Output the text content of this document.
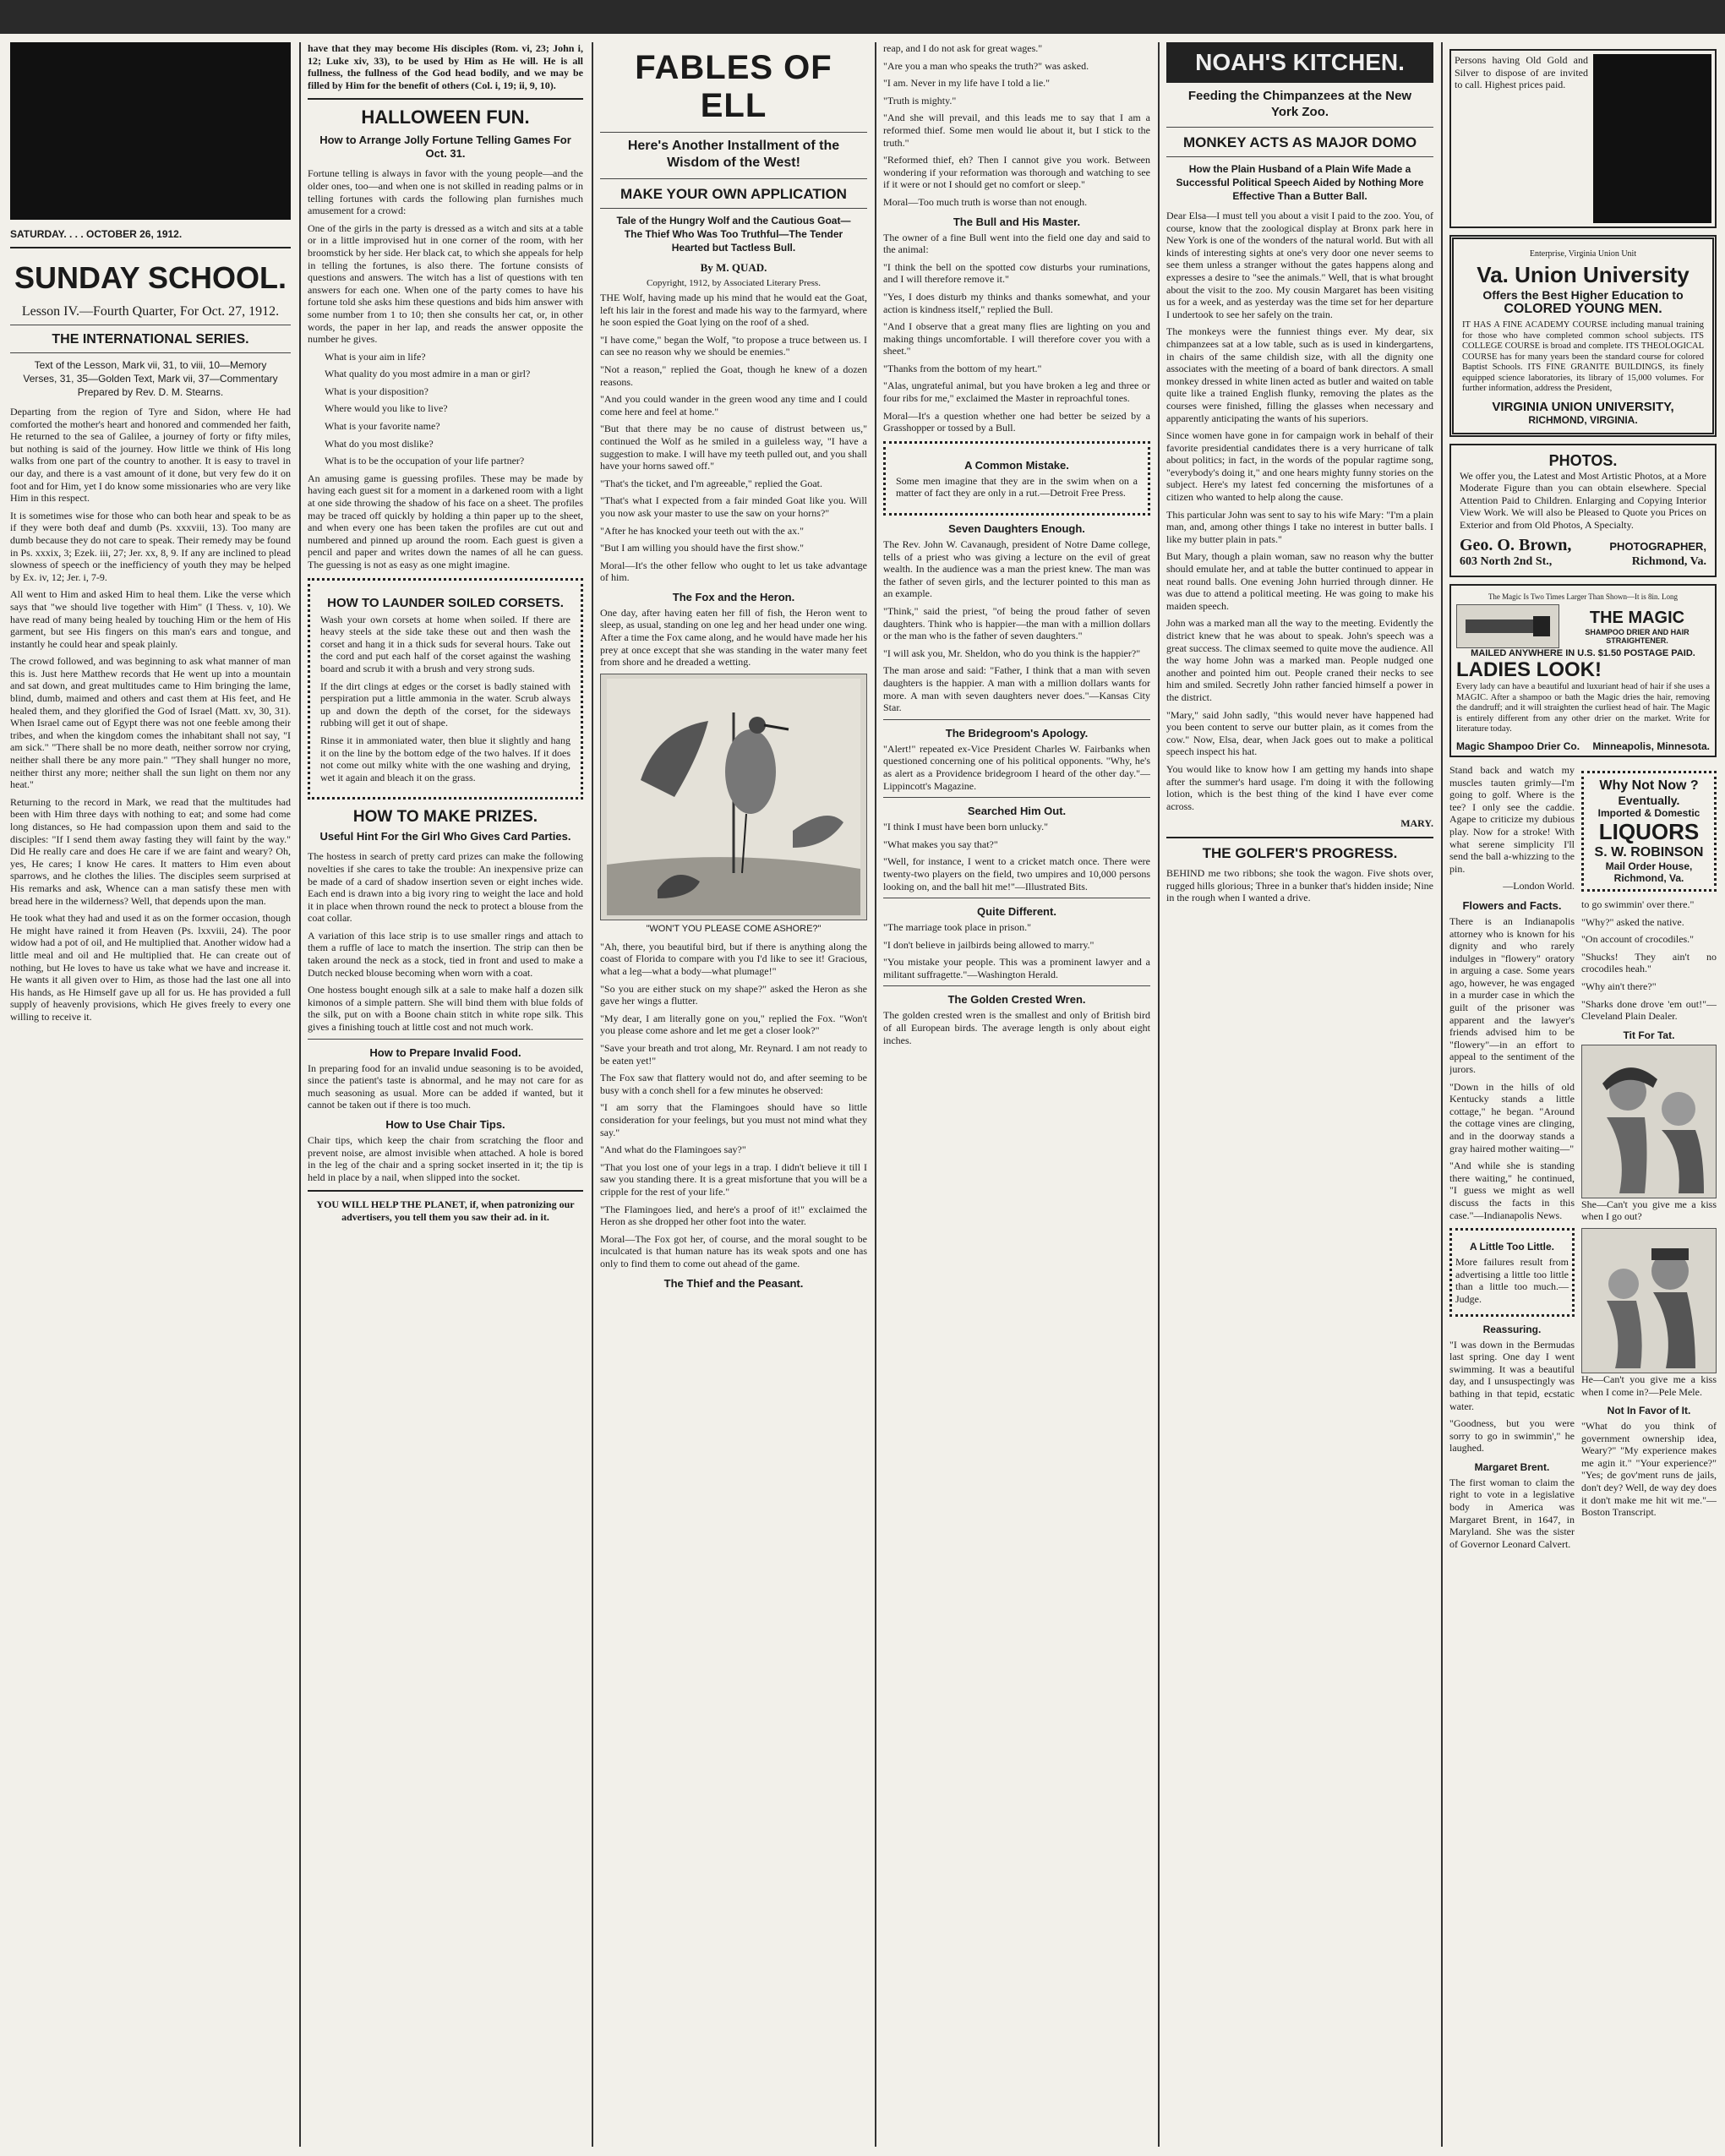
SATURDAY. . . . OCTOBER 26, 1912.
SUNDAY SCHOOL.
Lesson IV.—Fourth Quarter, For Oct. 27, 1912.
THE INTERNATIONAL SERIES.
Text of the Lesson, Mark vii, 31, to viii, 10—Memory Verses, 31, 35—Golden Text, Mark vii, 37—Commentary Prepared by Rev. D. M. Stearns.

Departing from the region of Tyre and Sidon, where He had comforted the mother's heart and honored and commended her faith, He returned to the sea of Galilee, a journey of forty or fifty miles, but nothing is said of the journey. How little we think of His long walks from one part of the country to another. It is easy to travel in our day, and there is a vast amount of it done, but very few do it on foot and for Him, yet I do know some missionaries who are very like Him in this respect.

It is sometimes wise for those who can both hear and speak to be as if they were both deaf and dumb (Ps. xxxviii, 13). Too many are dumb because they do not care to speak. Their remedy may be found in Ps. xxxix, 3; Ezek. iii, 27; Jer. xx, 8, 9. If any are inclined to plead slowness of speech or the inefficiency of youth they may be helped by Ex. iv, 12; Jer. i, 7-9.

All went to Him and asked Him to heal them. Like the verse which says that "we should live together with Him" (I Thess. v, 10). We have read of many being healed by touching Him or the hem of His garment, but see His fingers on this man's ears and tongue, and instantly he could hear and speak plainly.

The crowd followed, and was beginning to ask what manner of man this is. Just here Matthew records that He went up into a mountain and sat down, and great multitudes came to Him bringing the lame, blind, dumb, maimed and others and cast them at His feet, and He healed them, and they glorified the God of Israel (Matt. xv, 30, 31). When Israel came out of Egypt there was not one feeble among their tribes, and when the kingdom comes the inhabitant shall not say, "I am sick." "There shall be no more death, neither sorrow nor crying, neither shall there be any more pain." "They shall hunger no more, neither thirst any more; neither shall the sun light on them nor any heat."

Returning to the record in Mark, we read that the multitudes had been with Him three days with nothing to eat; and some had come long distances, so He had compassion upon them and said to the disciples: "If I send them away fasting they will faint by the way." Did He really care and does He care if we are faint and weary? Oh, yes, He cares; I know He cares. It matters to Him even about sparrows, and he clothes the lilies. The disciples seem surprised at His remarks and ask, Whence can a man satisfy these men with bread here in the wilderness? Well, that depends upon the man.

He took what they had and used it as on the former occasion, though He might have rained it from Heaven (Ps. lxxviii, 24). The poor widow had a pot of oil, and He multiplied that. Another widow had a little meal and oil and He multiplied that. He can create out of nothing, but He loves to have us take what we have and increase it. He wants it all given over to Him, as those had the last one all into His hands, as He Himself gave up all for us. He has provided a full supply of heavenly provisions, which He gives freely to every one willing to receive it.

have that they may become His disciples (Rom. vi, 23; John i, 12; Luke xiv, 33), to be used by Him as He will. He is all fullness, the fullness of the God head bodily, and we may be filled by Him for the benefit of others (Col. i, 19; ii, 9, 10).

HALLOWEEN FUN.
How to Arrange Jolly Fortune Telling Games For Oct. 31.

Fortune telling is always in favor with the young people—and the older ones, too—and when one is not skilled in reading palms or in telling fortunes with cards the following plan furnishes much amusement for a crowd:

One of the girls in the party is dressed as a witch and sits at a table or in a little improvised hut in one corner of the room, with her broomstick by her side. Her black cat, to which she appeals for help in telling the fortunes, is also there. The fortune consists of questions and answers. The witch has a list of questions with ten answers for each one. When one of the party comes to have his fortune told she asks him these questions and bids him answer with some number from 1 to 10; then she consults her cat, or, in other words, the paper in her lap, and reads the answer opposite the number he gives.

What is your aim in life?

What quality do you most admire in a man or girl?

What is your disposition?

Where would you like to live?

What is your favorite name?

What do you most dislike?

What is to be the occupation of your life partner?

An amusing game is guessing profiles. These may be made by having each guest sit for a moment in a darkened room with a light at one side throwing the shadow of his face on a sheet. The profiles may be traced off quickly by holding a thin paper up to the sheet, and when every one has been taken the profiles are cut out and numbered and pinned up around the room. Each guest is given a pencil and paper and writes down the names of all he can guess. The guessing is not as easy as one might imagine.

HOW TO LAUNDER SOILED CORSETS.

Wash your own corsets at home when soiled. If there are heavy steels at the side take these out and then wash the corset and hang it in a thick suds for several hours. Take out the cord and put each half of the corset against the washing board and scrub it with a brush and very strong suds.

If the dirt clings at edges or the corset is badly stained with perspiration put a little ammonia in the water. Scrub always up and down the depth of the corset, for the sideways rubbing will get it out of shape.

Rinse it in ammoniated water, then blue it slightly and hang it on the line by the bottom edge of the two halves. If it does not come out milky white with the one washing and drying, wet it again and bleach it on the grass.

HOW TO MAKE PRIZES.
Useful Hint For the Girl Who Gives Card Parties.

The hostess in search of pretty card prizes can make the following novelties if she cares to take the trouble: An inexpensive prize can be made of a card of shadow insertion seven or eight inches wide. Each end is drawn into a big ivory ring to weight the lace and hold it in place when thrown round the neck to protect a blouse from the coat collar.

A variation of this lace strip is to use smaller rings and attach to them a ruffle of lace to match the insertion. The strip can then be taken around the neck as a stock, tied in front and used to make a Dutch necked blouse becoming when worn with a coat.

One hostess bought enough silk at a sale to make half a dozen silk kimonos of a simple pattern. She will bind them with blue folds of the silk, put on with a Boone chain stitch in white rope silk. This gives a finishing touch at little cost and not much work.

How to Prepare Invalid Food.

In preparing food for an invalid undue seasoning is to be avoided, since the patient's taste is abnormal, and he may not care for as much seasoning as usual. More can be added if wanted, but it cannot be taken out if there is too much.

How to Use Chair Tips.

Chair tips, which keep the chair from scratching the floor and prevent noise, are almost invisible when attached. A hole is bored in the leg of the chair and a spring socket inserted in it; the tip is held in place by a nail, when slipped into the socket.

YOU WILL HELP THE PLANET, if, when patronizing our advertisers, you tell them you saw their ad. in it.

FABLES OF ELL
Here's Another Installment of the Wisdom of the West!
MAKE YOUR OWN APPLICATION
Tale of the Hungry Wolf and the Cautious Goat—The Thief Who Was Too Truthful—The Tender Hearted but Tactless Bull.
By M. QUAD.
Copyright, 1912, by Associated Literary Press.

THE Wolf, having made up his mind that he would eat the Goat, left his lair in the forest and made his way to the farmyard, where he soon espied the Goat lying on the roof of a shed.

"I have come," began the Wolf, "to propose a truce between us. I can see no reason why we should be enemies."

"Not a reason," replied the Goat, though he knew of a dozen reasons.

"And you could wander in the green wood any time and I could come here and feel at home."

"But that there may be no cause of distrust between us," continued the Wolf as he smiled in a guileless way, "I have a suggestion to make. I will have my teeth pulled out, and you shall have your horns sawed off."

"That's the ticket, and I'm agreeable," replied the Goat.

"That's what I expected from a fair minded Goat like you. Will you now ask your master to use the saw on your horns?"

"After he has knocked your teeth out with the ax."

"But I am willing you should have the first show."

Moral—It's the other fellow who ought to let us take advantage of him.

The Fox and the Heron.

One day, after having eaten her fill of fish, the Heron went to sleep, as usual, standing on one leg and her head under one wing. After a time the Fox came along, and he would have made her his prey at once except that she was standing in the water many feet from shore and he dreaded a wetting.

"WON'T YOU PLEASE COME ASHORE?"

"Ah, there, you beautiful bird, but if there is anything along the coast of Florida to compare with you I'd like to see it! Gracious, what a leg—what a body—what plumage!"

"So you are either stuck on my shape?" asked the Heron as she gave her wings a flutter.

"My dear, I am literally gone on you," replied the Fox. "Won't you please come ashore and let me get a closer look?"

"Save your breath and trot along, Mr. Reynard. I am not ready to be eaten yet!"

The Fox saw that flattery would not do, and after seeming to be busy with a conch shell for a few minutes he observed:

"I am sorry that the Flamingoes should have so little consideration for your feelings, but you must not mind what they say."

"And what do the Flamingoes say?"

"That you lost one of your legs in a trap. I didn't believe it till I saw you standing there. It is a great misfortune that you will be a cripple for the rest of your life."

"The Flamingoes lied, and here's a proof of it!" exclaimed the Heron as she dropped her other foot into the water.

Moral—The Fox got her, of course, and the moral sought to be inculcated is that human nature has its weak spots and one has only to find them to come out ahead of the game.

The Thief and the Peasant.

reap, and I do not ask for great wages."

"Are you a man who speaks the truth?" was asked.

"I am. Never in my life have I told a lie."

"Truth is mighty."

"And she will prevail, and this leads me to say that I am a reformed thief. Some men would lie about it, but I stick to the truth."

"Reformed thief, eh? Then I cannot give you work. Between wondering if your reformation was thorough and watching to see if it were or not I should get no comfort or sleep."

Moral—Too much truth is worse than not enough.

The Bull and His Master.

The owner of a fine Bull went into the field one day and said to the animal:

"I think the bell on the spotted cow disturbs your ruminations, and I will therefore remove it."

"Yes, I does disturb my thinks and thanks somewhat, and your action is kindness itself," replied the Bull.

"And I observe that a great many flies are lighting on you and making things uncomfortable. I will therefore cover you with a sheet."

"Thanks from the bottom of my heart."

"Alas, ungrateful animal, but you have broken a leg and three or four ribs for me," exclaimed the Master in reproachful tones.

Moral—It's a question whether one had better be seized by a Grasshopper or tossed by a Bull.

A Common Mistake.

Some men imagine that they are in the swim when on a matter of fact they are only in a rut.—Detroit Free Press.

Seven Daughters Enough.

The Rev. John W. Cavanaugh, president of Notre Dame college, tells of a priest who was giving a lecture on the evil of great wealth. In the audience was a man the priest knew. The man was the father of seven girls, and the lecturer pointed to this man as an example.

"Think," said the priest, "of being the proud father of seven daughters. Think who is happier—the man with a million dollars or the man who is the father of seven daughters."

"I will ask you, Mr. Sheldon, who do you think is the happier?"

The man arose and said: "Father, I think that a man with seven daughters is the happier. A man with a million dollars wants for more. A man with seven daughters never does."—Kansas City Star.

The Bridegroom's Apology.

"Alert!" repeated ex-Vice President Charles W. Fairbanks when questioned concerning one of his political opponents. "Why, he's as alert as a Providence bridegroom I heard of the other day."—Lippincott's Magazine.

Searched Him Out.

"I think I must have been born unlucky."

"What makes you say that?"

"Well, for instance, I went to a cricket match once. There were twenty-two players on the field, two umpires and 10,000 persons looking on, and the ball hit me!"—Illustrated Bits.

Quite Different.

"The marriage took place in prison."

"I don't believe in jailbirds being allowed to marry."

"You mistake your people. This was a prominent lawyer and a militant suffragette."—Washington Herald.

The Golden Crested Wren.

The golden crested wren is the smallest and only of British bird of all European birds. The average length is only about eight inches.

NOAH'S KITCHEN.
Feeding the Chimpanzees at the New York Zoo.
MONKEY ACTS AS MAJOR DOMO
How the Plain Husband of a Plain Wife Made a Successful Political Speech Aided by Nothing More Effective Than a Butter Ball.

Dear Elsa—I must tell you about a visit I paid to the zoo. You, of course, know that the zoological display at Bronx park here in New York is one of the wonders of the natural world. But with all kinds of interesting sights at one's very door one never seems to see them unless a stranger without the gates happens along and expresses a desire to "see the animals." Well, that is what brought about the visit to the zoo. My cousin Margaret has been visiting us for a week, and as yesterday was the time set for her departure I undertook to see her safely on the train.

The monkeys were the funniest things ever. My dear, six chimpanzees sat at a low table, such as is used in kindergartens, in chairs of the same childish size, with all the dignity one associates with the meeting of a board of bank directors. A small monkey dressed in white linen acted as butler and waited on table quite like a trained English flunky, removing the plates as the courses were finished, filling the glasses when necessary and apparently anticipating the wants of his superiors.

Since women have gone in for campaign work in behalf of their favorite presidential candidates there is a very hurricane of talk about politics; in fact, in the words of the popular ragtime song, "everybody's doing it," and one hears mighty funny stories on the subject. Here's my latest fed concerning the misfortunes of a citizen who wanted to help along the cause.

This particular John was sent to say to his wife Mary: "I'm a plain man, and, among other things I take no interest in butter balls. I like my butter plain in pats."

But Mary, though a plain woman, saw no reason why the butter should emulate her, and at table the butter continued to appear in neat round balls. One evening John hurried through dinner. He was due to attend a political meeting. He was going to make his maiden speech.

John was a marked man all the way to the meeting. Evidently the district knew that he was about to speak. John's speech was a great success. The climax seemed to quite move the audience. All the way home John was a marked man. People nudged one another and pointed him out. People craned their necks to see him and smiled. Secretly John rather fancied himself a power in the district.

"Mary," said John sadly, "this would never have happened had you been content to serve our butter plain, as it comes from the cow." Now, Elsa, dear, when Jack goes out to make a political speech inspect his hat.

You would like to know how I am getting my hands into shape after the summer's hard usage. I'm doing it with the following lotion, which is the best thing of the kind I have ever come across.

MARY.

THE GOLFER'S PROGRESS.

BEHIND me two ribbons; she took the wagon. Five shots over, rugged hills glorious; Three in a bunker that's hidden inside; Nine in the rough when I wanted a drive.

Persons having Old Gold and Silver to dispose of are invited to call. Highest prices paid.

Enterprise, Virginia Union Unit
Va. Union University
Offers the Best Higher Education to
COLORED YOUNG MEN.

IT HAS A FINE ACADEMY COURSE including manual training for those who have completed common school subjects. ITS COLLEGE COURSE is broad and complete. ITS THEOLOGICAL COURSE has for many years been the standard course for colored Baptist Schools. ITS FINE GRANITE BUILDINGS, its finely equipped science laboratories, its library of 15,000 volumes. For further information, address the President,

VIRGINIA UNION UNIVERSITY,
RICHMOND, VIRGINIA.
PHOTOS.

We offer you, the Latest and Most Artistic Photos, at a More Moderate Figure than you can obtain elsewhere. Special Attention Paid to Children. Enlarging and Copying Interior View Work. We will also be Pleased to Quote you Prices on Exterior and from Old Photos, A Specialty.

Geo. O. Brown,	PHOTOGRAPHER,
603 North 2nd St.,	Richmond, Va.
The Magic Is Two Times Larger Than Shown—It is 8in. Long
THE MAGIC
SHAMPOO DRIER AND HAIR STRAIGHTENER.
MAILED ANYWHERE IN U.S. $1.50 POSTAGE PAID.
LADIES LOOK!

Every lady can have a beautiful and luxuriant head of hair if she uses a MAGIC. After a shampoo or bath the Magic dries the hair, removing the dandruff; and it will straighten the curliest head of hair. The Magic is entirely different from any other drier on the market. Write for literature today.

Magic Shampoo Drier Co. Minneapolis, Minnesota.

Stand back and watch my muscles tauten grimly—I'm going to golf. Where is the tee? I only see the caddie. Agape to criticize my dubious play. Now for a stroke! With what serene simplicity I'll send the ball a-whizzing to the pin.

—London World.

Flowers and Facts.

There is an Indianapolis attorney who is known for his dignity and who rarely indulges in "flowery" oratory in arguing a case. Some years ago, however, he was engaged in a murder case in which the guilt of the prisoner was apparent and the lawyer's friends advised him to be "flowery"—in an effort to appeal to the sentiment of the jurors.

"Down in the hills of old Kentucky stands a little cottage," he began. "Around the cottage vines are clinging, and in the doorway stands a gray haired mother waiting—"

"And while she is standing there waiting," he continued, "I guess we might as well discuss the facts in this case."—Indianapolis News.

A Little Too Little.

More failures result from advertising a little too little than a little too much.—Judge.

Reassuring.

"I was down in the Bermudas last spring. One day I went swimming. It was a beautiful day, and I unsuspectingly was bathing in that tepid, ecstatic water.

"Goodness, but you were sorry to go in swimmin'," he laughed.

Margaret Brent.

The first woman to claim the right to vote in a legislative body in America was Margaret Brent, in 1647, in Maryland. She was the sister of Governor Leonard Calvert.

Why Not Now ?
Eventually.
Imported & Domestic
LIQUORS
S. W. ROBINSON
Mail Order House,
Richmond, Va.

to go swimmin' over there."

"Why?" asked the native.

"On account of crocodiles."

"Shucks! They ain't no crocodiles heah."

"Why ain't there?"

"Sharks done drove 'em out!"—Cleveland Plain Dealer.

Tit For Tat.

She—Can't you give me a kiss when I go out?

He—Can't you give me a kiss when I come in?—Pele Mele.

Not In Favor of It.

"What do you think of government ownership idea, Weary?" "My experience makes me agin it." "Your experience?" "Yes; de gov'ment runs de jails, don't dey? Well, de way dey does it don't make me hit wit me."—Boston Transcript.
